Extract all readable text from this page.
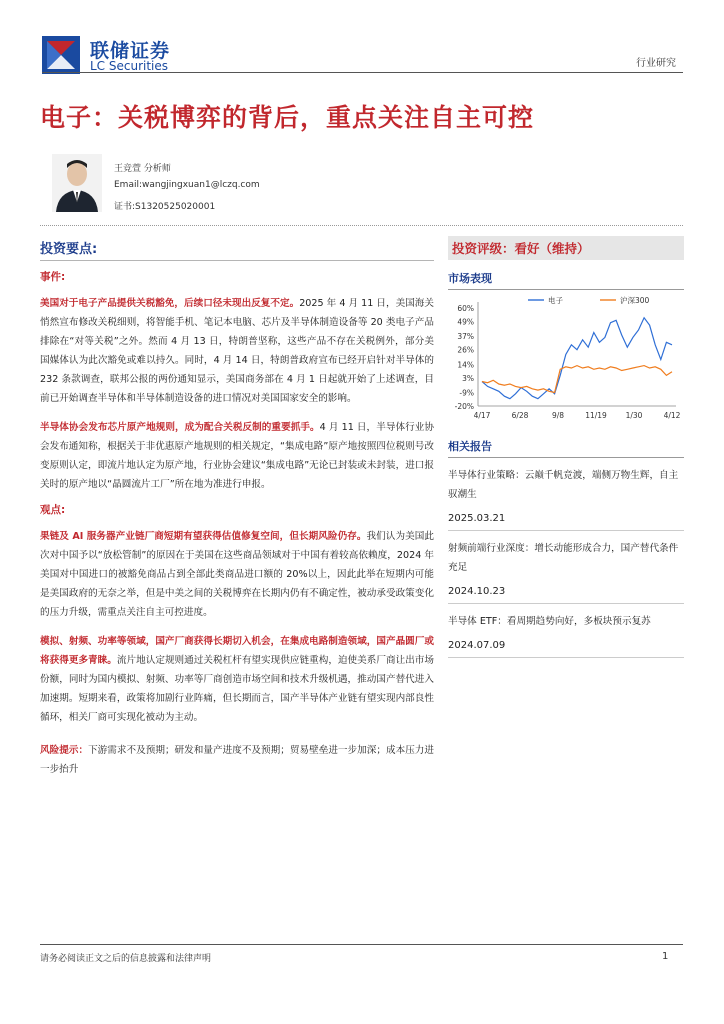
联储证券
LC Securities	行业研究
电子：关税博弈的背后，重点关注自主可控
王竞萱 分析师
Email:wangjingxuan1@lczq.com
证书:S1320525020001
投资要点:
事件:

美国对于电子产品提供关税豁免，后续口径未现出反复不定。2025 年 4 月 11 日，美国海关悄然宣布修改关税细则，将智能手机、笔记本电脑、芯片及半导体制造设备等 20 类电子产品排除在“对等关税”之外。然而 4 月 13 日，特朗普坚称，这些产品不存在关税例外，部分美国媒体认为此次豁免或难以持久。同时，4 月 14 日，特朗普政府宣布已经开启针对半导体的 232 条款调查，联邦公报的两份通知显示，美国商务部在 4 月 1 日起就开始了上述调查，目前已开始调查半导体和半导体制造设备的进口情况对美国国家安全的影响。

半导体协会发布芯片原产地规则，成为配合关税反制的重要抓手。4 月 11 日，半导体行业协会发布通知称，根据关于非优惠原产地规则的相关规定，“集成电路”原产地按照四位税则号改变原则认定，即流片地认定为原产地，行业协会建议“集成电路”无论已封装或未封装，进口报关时的原产地以“晶圆流片工厂”所在地为准进行申报。

观点:

果链及 AI 服务器产业链厂商短期有望获得估值修复空间，但长期风险仍存。我们认为美国此次对中国予以“放松管制”的原因在于美国在这些商品领域对于中国有着较高依赖度，2024 年美国对中国进口的被豁免商品占到全部此类商品进口额的 20%以上，因此此举在短期内可能是美国政府的无奈之举，但是中美之间的关税博弈在长期内仍有不确定性，被动承受政策变化的压力升级，需重点关注自主可控进度。

模拟、射频、功率等领域，国产厂商获得长期切入机会，在集成电路制造领域，国产晶圆厂或将获得更多青睐。流片地认定规则通过关税杠杆有望实现供应链重构，迫使美系厂商让出市场份额，同时为国内模拟、射频、功率等厂商创造市场空间和技术升级机遇，推动国产替代进入加速期。短期来看，政策将加剧行业阵痛，但长期而言，国产半导体产业链有望实现内部良性循环，相关厂商可实现化被动为主动。

风险提示：下游需求不及预期；研发和量产进度不及预期；贸易壁垒进一步加深；成本压力进一步抬升

投资评级：看好（维持）
市场表现
60%
49%
37%
26%
14%
3%
-9%
-20%
4/17	6/28	9/8	11/19	1/30	4/12
电子	沪深300
相关报告
半导体行业策略：云巅千帆竞渡，端侧万物生辉，自主驭潮生
2025.03.21
射频前端行业深度：增长动能形成合力，国产替代条件充足
2024.10.23
半导体 ETF：看周期趋势向好，多板块预示复苏
2024.07.09
请务必阅读正文之后的信息披露和法律声明	1
